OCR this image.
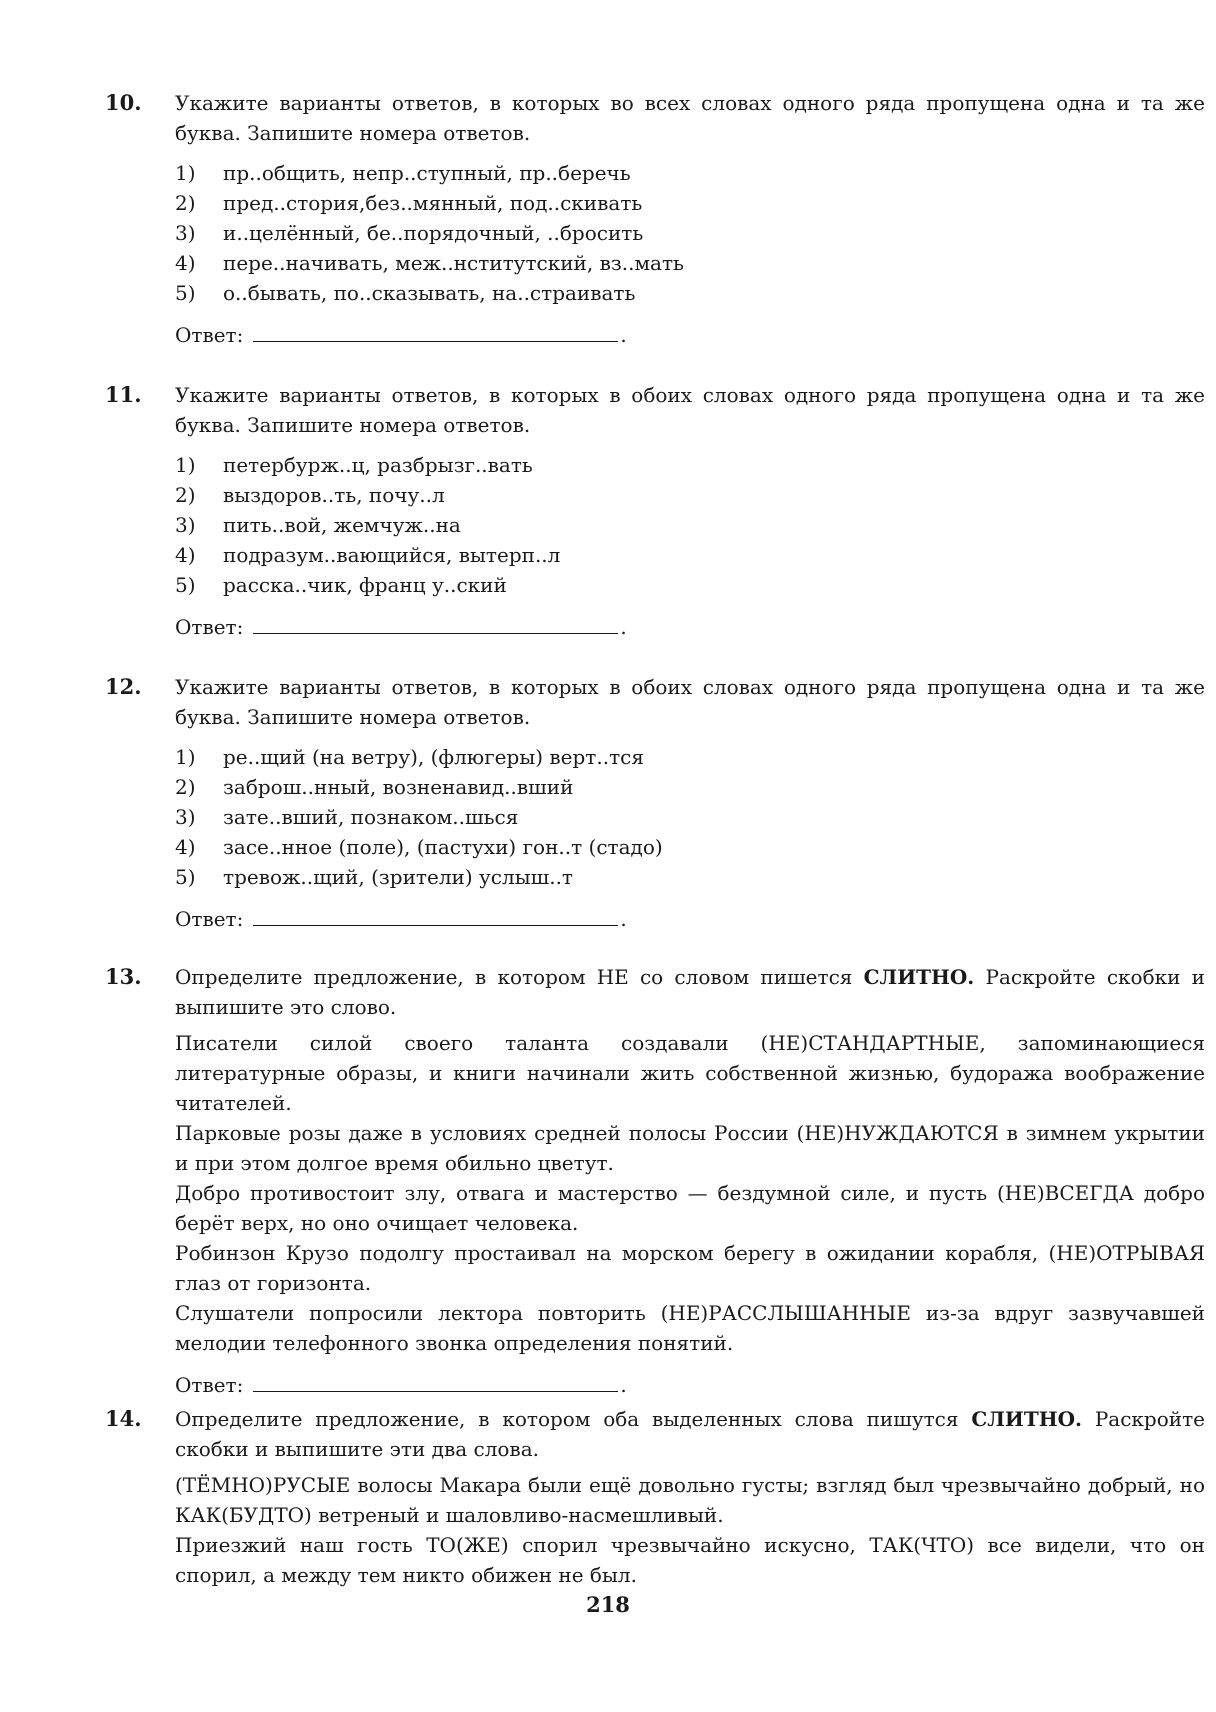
10. Укажите варианты ответов, в которых во всех словах одного ряда пропущена одна и та же буква. Запишите номера ответов.

1)	пр..общить, непр..ступный, пр..беречь
2)	пред..стория,без..мянный, под..скивать
3)	и..целённый, бе..порядочный, ..бросить
4)	пере..начивать, меж..нститутский, вз..мать
5)	о..бывать, по..сказывать, на..страивать
Ответ:	.
11. Укажите варианты ответов, в которых в обоих словах одного ряда пропущена одна и та же буква. Запишите номера ответов.

1)	петербурж..ц, разбрызг..вать
2)	выздоров..ть, почу..л
3)	пить..вой, жемчуж..на
4)	подразум..вающийся, вытерп..л
5)	расска..чик, франц у..ский
Ответ:	.
12. Укажите варианты ответов, в которых в обоих словах одного ряда пропущена одна и та же буква. Запишите номера ответов.

1)	ре..щий (на ветру), (флюгеры) верт..тся
2)	заброш..нный, возненавид..вший
3)	зате..вший, познаком..шься
4)	засе..нное (поле), (пастухи) гон..т (стадо)
5)	тревож..щий, (зрители) услыш..т
Ответ:	.
13. Определите предложение, в котором НЕ со словом пишется СЛИТНО. Раскройте скобки и выпишите это слово.

Писатели силой своего таланта создавали (НЕ)СТАНДАРТНЫЕ, запоминающиеся литературные образы, и книги начинали жить собственной жизнью, будоража воображение читателей.

Парковые розы даже в условиях средней полосы России (НЕ)НУЖДАЮТСЯ в зимнем укрытии и при этом долгое время обильно цветут.

Добро противостоит злу, отвага и мастерство — бездумной силе, и пусть (НЕ)ВСЕГДА добро берёт верх, но оно очищает человека.

Робинзон Крузо подолгу простаивал на морском берегу в ожидании корабля, (НЕ)ОТРЫВАЯ глаз от горизонта.

Слушатели попросили лектора повторить (НЕ)РАССЛЫШАННЫЕ из-за вдруг зазвучавшей мелодии телефонного звонка определения понятий.

Ответ:	.
14. Определите предложение, в котором оба выделенных слова пишутся СЛИТНО. Раскройте скобки и выпишите эти два слова.

(ТЁМНО)РУСЫЕ волосы Макара были ещё довольно густы; взгляд был чрезвычайно добрый, но КАК(БУДТО) ветреный и шаловливо-насмешливый.

Приезжий наш гость ТО(ЖЕ) спорил чрезвычайно искусно, ТАК(ЧТО) все видели, что он спорил, а между тем никто обижен не был.

218
